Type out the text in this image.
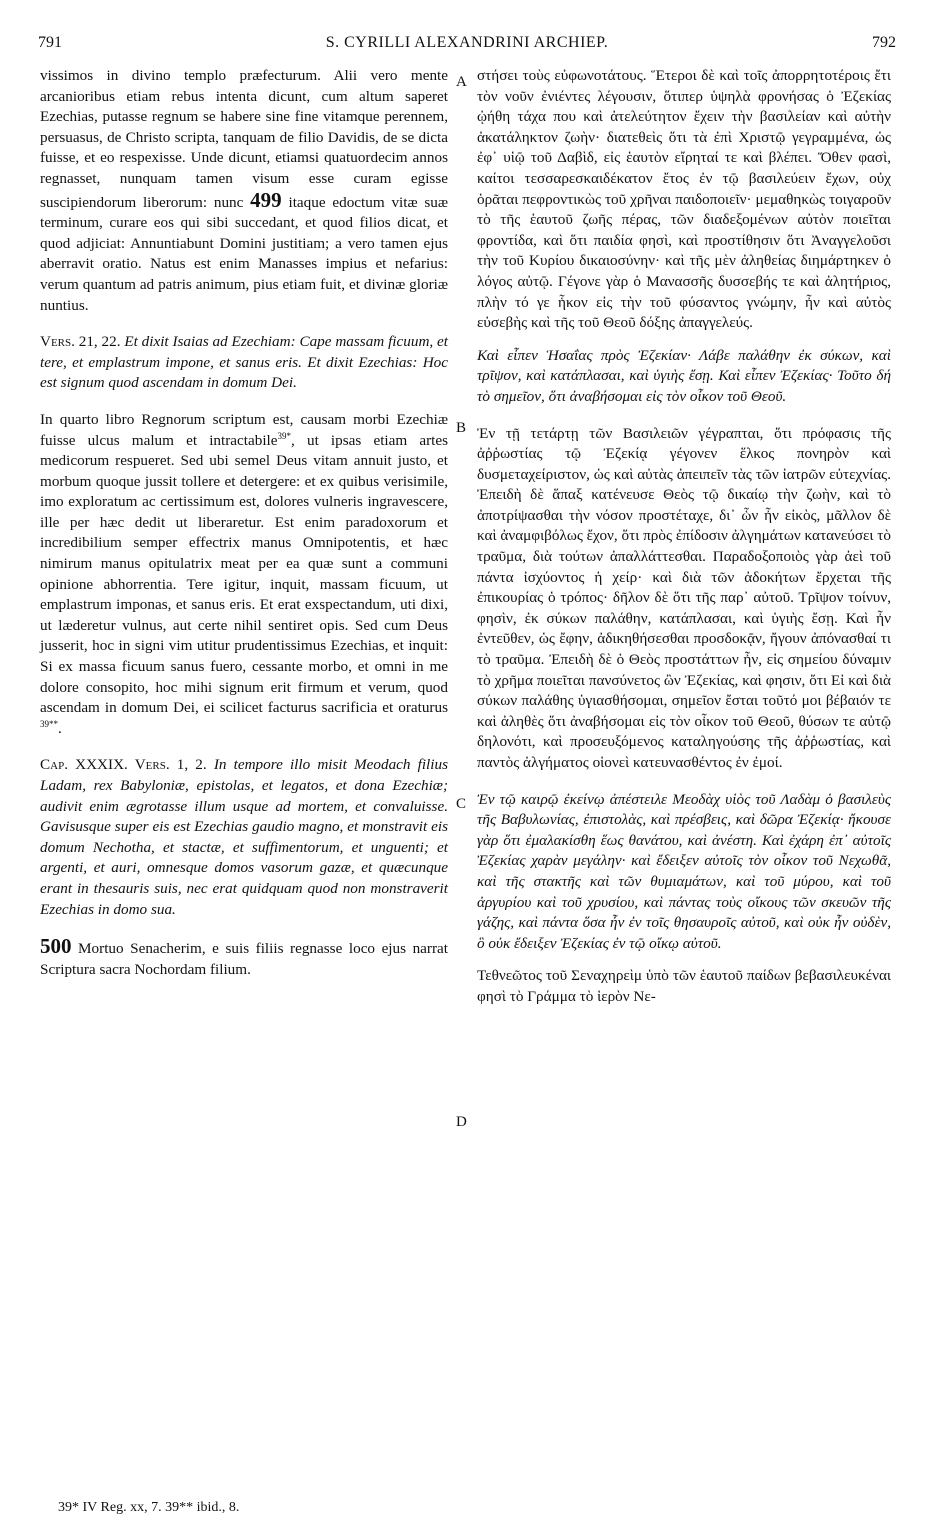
791	S. CYRILLI ALEXANDRINI ARCHIEP.	792
A
B
C
D

vissimos in divino templo præfecturum. Alii vero mente arcanioribus etiam rebus intenta dicunt, cum altum saperet Ezechias, putasse regnum se habere sine fine vitamque perennem, persuasus, de Christo scripta, tanquam de filio Davidis, de se dicta fuisse, et eo respexisse. Unde dicunt, etiamsi quatuordecim annos regnasset, nunquam tamen visum esse curam egisse suscipiendorum liberorum: nunc 499 itaque edoctum vitæ suæ terminum, curare eos qui sibi succedant, et quod filios dicat, et quod adjiciat: Annuntiabunt Domini justitiam; a vero tamen ejus aberravit oratio. Natus est enim Manasses impius et nefarius: verum quantum ad patris animum, pius etiam fuit, et divinæ gloriæ nuntius.

Vers. 21, 22. Et dixit Isaias ad Ezechiam: Cape massam ficuum, et tere, et emplastrum impone, et sanus eris. Et dixit Ezechias: Hoc est signum quod ascendam in domum Dei.

In quarto libro Regnorum scriptum est, causam morbi Ezechiæ fuisse ulcus malum et intractabile$^{39*}$, ut ipsas etiam artes medicorum respueret. Sed ubi semel Deus vitam annuit justo, et morbum quoque jussit tollere et detergere: et ex quibus verisimile, imo exploratum ac certissimum est, dolores vulneris ingravescere, ille per hæc dedit ut liberaretur. Est enim paradoxorum et incredibilium semper effectrix manus Omnipotentis, et hæc nimirum manus opitulatrix meat per ea quæ sunt a communi opinione abhorrentia. Tere igitur, inquit, massam ficuum, ut emplastrum imponas, et sanus eris. Et erat exspectandum, uti dixi, ut læderetur vulnus, aut certe nihil sentiret opis. Sed cum Deus jusserit, hoc in signi vim utitur prudentissimus Ezechias, et inquit: Si ex massa ficuum sanus fuero, cessante morbo, et omni in me dolore consopito, hoc mihi signum erit firmum et verum, quod ascendam in domum Dei, ei scilicet facturus sacrificia et oraturus $^{39**}$.

Cap. XXXIX. Vers. 1, 2. In tempore illo misit Meodach filius Ladam, rex Babyloniæ, epistolas, et legatos, et dona Ezechiæ; audivit enim ægrotasse illum usque ad mortem, et convaluisse. Gavisusque super eis est Ezechias gaudio magno, et monstravit eis domum Nechotha, et stactæ, et suffimentorum, et unguenti; et argenti, et auri, omnesque domos vasorum gazæ, et quæcunque erant in thesauris suis, nec erat quidquam quod non monstraverit Ezechias in domo sua.

500 Mortuo Senacherim, e suis filiis regnasse loco ejus narrat Scriptura sacra Nochordam filium.

στήσει τοὺς εὐφωνοτάτους. Ἕτεροι δὲ καὶ τοῖς ἀπορρητοτέροις ἔτι τὸν νοῦν ἐνιέντες λέγουσιν, ὅτιπερ ὑψηλὰ φρονήσας ὁ Ἐζεκίας ᾠήθη τάχα που καὶ ἀτελεύτητον ἔχειν τὴν βασιλείαν καὶ αὐτὴν ἀκατάληκτον ζωὴν· διατεθεὶς ὅτι τὰ ἐπὶ Χριστῷ γεγραμμένα, ὡς ἐφ᾽ υἱῷ τοῦ Δαβὶδ, εἰς ἑαυτὸν εἴρηταί τε καὶ βλέπει. Ὅθεν φασὶ, καίτοι τεσσαρεσκαιδέκατον ἔτος ἐν τῷ βασιλεύειν ἔχων, οὐχ ὁρᾶται πεφροντικὼς τοῦ χρῆναι παιδοποιεῖν· μεμαθηκὼς τοιγαροῦν τὸ τῆς ἑαυτοῦ ζωῆς πέρας, τῶν διαδεξομένων αὐτὸν ποιεῖται φροντίδα, καὶ ὅτι παιδία φησὶ, καὶ προστίθησιν ὅτι Ἀναγγελοῦσι τὴν τοῦ Κυρίου δικαιοσύνην· καὶ τῆς μὲν ἀληθείας διημάρτηκεν ὁ λόγος αὐτῷ. Γέγονε γὰρ ὁ Μανασσῆς δυσσεβής τε καὶ ἀλητήριος, πλὴν τό γε ἧκον εἰς τὴν τοῦ φύσαντος γνώμην, ἦν καὶ αὐτὸς εὐσεβὴς καὶ τῆς τοῦ Θεοῦ δόξης ἀπαγγελεύς.

Καὶ εἶπεν Ἡσαΐας πρὸς Ἐζεκίαν· Λάβε παλάθην ἐκ σύκων, καὶ τρῖψον, καὶ κατάπλασαι, καὶ ὑγιὴς ἔσῃ. Καὶ εἶπεν Ἐζεκίας· Τοῦτο δή τὸ σημεῖον, ὅτι ἀναβήσομαι εἰς τὸν οἶκον τοῦ Θεοῦ.

Ἐν τῇ τετάρτῃ τῶν Βασιλειῶν γέγραπται, ὅτι πρόφασις τῆς ἀῤῥωστίας τῷ Ἐζεκίᾳ γέγονεν ἕλκος πονηρὸν καὶ δυσμεταχείριστον, ὡς καὶ αὐτὰς ἀπειπεῖν τὰς τῶν ἰατρῶν εὐτεχνίας. Ἐπειδὴ δὲ ἅπαξ κατένευσε Θεὸς τῷ δικαίῳ τὴν ζωὴν, καὶ τὸ ἀποτρίψασθαι τὴν νόσον προστέταχε, δι᾽ ὧν ἦν εἰκὸς, μᾶλλον δὲ καὶ ἀναμφιβόλως ἔχον, ὅτι πρὸς ἐπίδοσιν ἀλγημάτων κατανεύσει τὸ τραῦμα, διὰ τούτων ἀπαλλάττεσθαι. Παραδοξοποιὸς γὰρ ἀεὶ τοῦ πάντα ἰσχύοντος ἡ χείρ· καὶ διὰ τῶν ἀδοκήτων ἔρχεται τῆς ἐπικουρίας ὁ τρόπος· δῆλον δὲ ὅτι τῆς παρ᾽ αὐτοῦ. Τρῖψον τοίνυν, φησὶν, ἐκ σύκων παλάθην, κατάπλασαι, καὶ ὑγιὴς ἔσῃ. Καὶ ἦν ἐντεῦθεν, ὡς ἔφην, ἀδικηθήσεσθαι προσδοκᾷν, ἤγουν ἀπόνασθαί τι τὸ τραῦμα. Ἐπειδὴ δὲ ὁ Θεὸς προστάττων ἦν, εἰς σημείου δύναμιν τὸ χρῆμα ποιεῖται πανσύνετος ὢν Ἐζεκίας, καὶ φησιν, ὅτι Εἰ καὶ διὰ σύκων παλάθης ὑγιασθήσομαι, σημεῖον ἔσται τοῦτό μοι βέβαιόν τε καὶ ἀληθὲς ὅτι ἀναβήσομαι εἰς τὸν οἶκον τοῦ Θεοῦ, θύσων τε αὐτῷ δηλονότι, καὶ προσευξόμενος καταληγούσης τῆς ἀῤῥωστίας, καὶ παντὸς ἀλγήματος οἱονεὶ κατευνασθέντος ἐν ἐμοί.

Ἐν τῷ καιρῷ ἐκείνῳ ἀπέστειλε Μεοδὰχ υἱὸς τοῦ Λαδὰμ ὁ βασιλεὺς τῆς Βαβυλωνίας, ἐπιστολὰς, καὶ πρέσβεις, καὶ δῶρα Ἐζεκίᾳ· ἤκουσε γὰρ ὅτι ἐμαλακίσθη ἕως θανάτου, καὶ ἀνέστη. Καὶ ἐχάρη ἐπ᾽ αὐτοῖς Ἐζεκίας χαρὰν μεγάλην· καὶ ἔδειξεν αὐτοῖς τὸν οἶκον τοῦ Νεχωθᾶ, καὶ τῆς στακτῆς καὶ τῶν θυμιαμάτων, καὶ τοῦ μύρου, καὶ τοῦ ἀργυρίου καὶ τοῦ χρυσίου, καὶ πάντας τοὺς οἴκους τῶν σκευῶν τῆς γάζης, καὶ πάντα ὅσα ἦν ἐν τοῖς θησαυροῖς αὐτοῦ, καὶ οὐκ ἦν οὐδὲν, ὃ οὐκ ἔδειξεν Ἐζεκίας ἐν τῷ οἴκῳ αὐτοῦ.

Τεθνεῶτος τοῦ Σεναχηρεὶμ ὑπὸ τῶν ἑαυτοῦ παίδων βεβασιλευκέναι φησὶ τὸ Γράμμα τὸ ἱερὸν Νε-

39* IV Reg. xx, 7. 39** ibid., 8.
